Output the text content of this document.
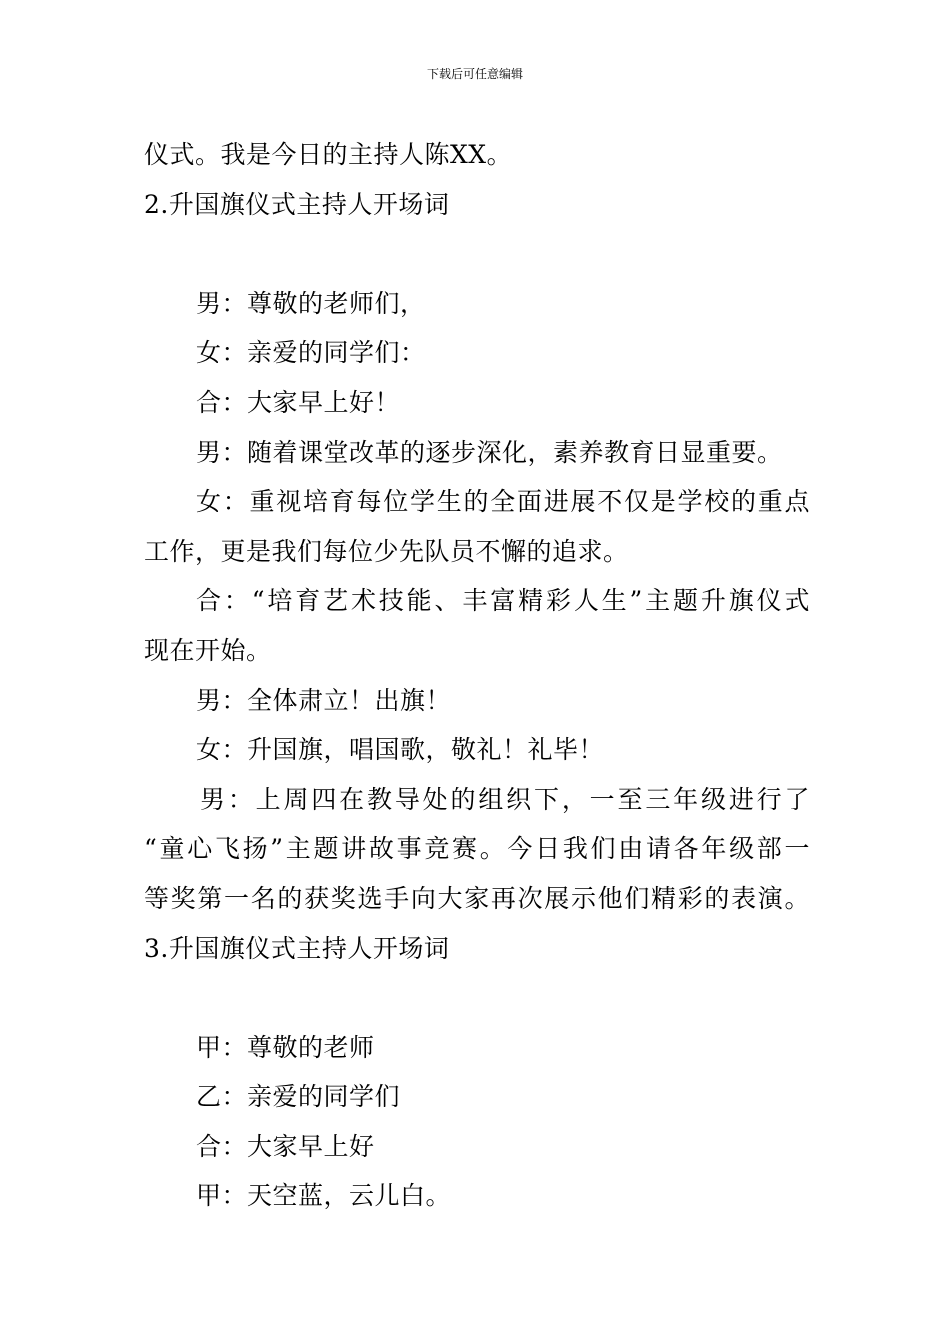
下载后可任意编辑
仪式。我是今日的主持人陈XX。
2.升国旗仪式主持人开场词
男：尊敬的老师们，
女：亲爱的同学们：
合：大家早上好！
男：随着课堂改革的逐步深化，素养教育日显重要。
女：重视培育每位学生的全面进展不仅是学校的重点
工作，更是我们每位少先队员不懈的追求。
合：“培育艺术技能、丰富精彩人生”主题升旗仪式
现在开始。
男：全体肃立！出旗！
女：升国旗，唱国歌，敬礼！礼毕！
男：上周四在教导处的组织下，一至三年级进行了
“童心飞扬”主题讲故事竞赛。今日我们由请各年级部一
等奖第一名的获奖选手向大家再次展示他们精彩的表演。
3.升国旗仪式主持人开场词
甲：尊敬的老师
乙：亲爱的同学们
合：大家早上好
甲：天空蓝，云儿白。
